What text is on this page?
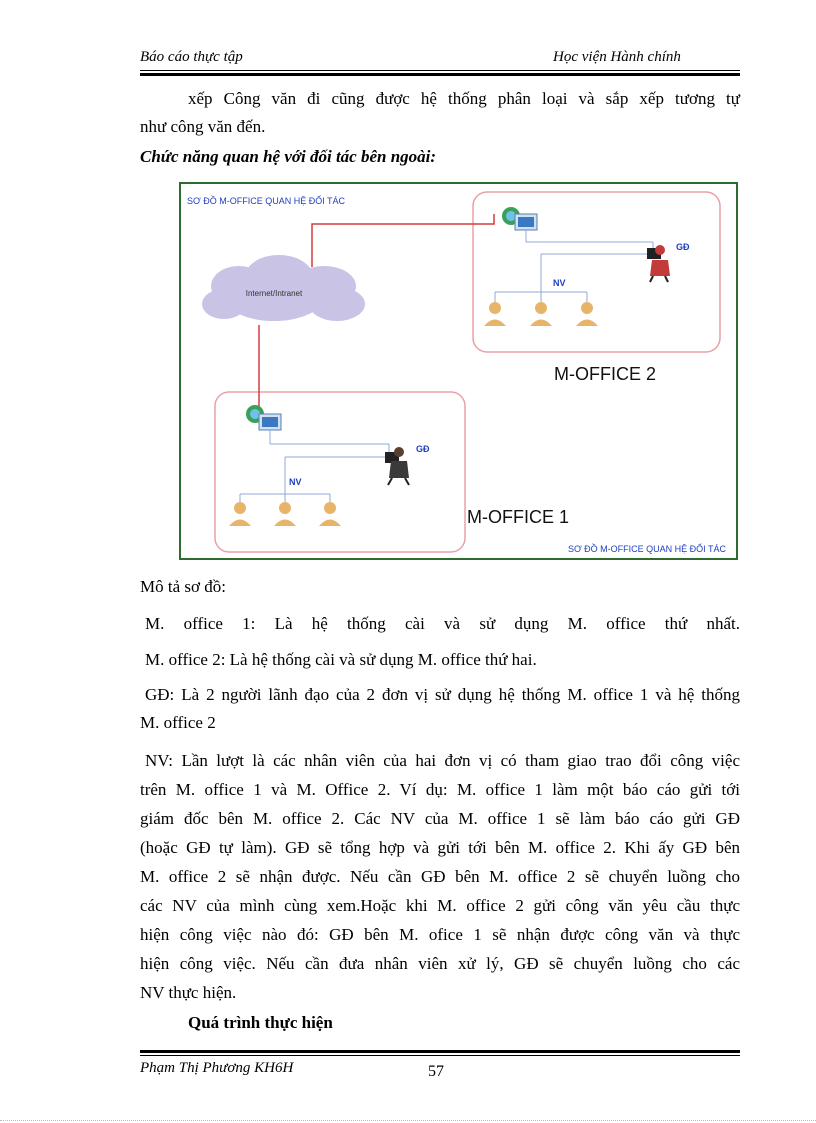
Báo cáo thực tập	Học viện Hành chính
xếp Công văn đi cũng được hệ thống phân loại và sắp xếp tương tự
như công văn đến.
Chức năng quan hệ với đối tác bên ngoài:
Internet/Intranet
GĐ
NV
M-OFFICE 2
GĐ
NV
M-OFFICE 1
SƠ ĐỒ M-OFFICE QUAN HỆ ĐỐI TÁC
SƠ ĐỒ M-OFFICE QUAN HỆ ĐỐI TÁC
Mô tả sơ đồ:
M. office 1: Là hệ thống cài và sử dụng M. office thứ nhất.
M. office 2: Là hệ thống cài và sử dụng M. office thứ hai.
GĐ: Là 2 người lãnh đạo của 2 đơn vị sử dụng hệ thống M. office 1 và hệ thống
M. office 2
NV: Lần lượt là các nhân viên của hai đơn vị có tham giao trao đổi công việc
trên M. office 1 và M. Office 2. Ví dụ: M. office 1 làm một báo cáo gửi tới
giám đốc bên M. office 2. Các NV của M. office 1 sẽ làm báo cáo gửi GĐ
(hoặc GĐ tự làm). GĐ sẽ tổng hợp và gửi tới bên M. office 2. Khi ấy GĐ bên
M. office 2 sẽ nhận được. Nếu cần GĐ bên M. office 2 sẽ chuyển luồng cho
các NV của mình cùng xem.Hoặc khi M. office 2 gửi công văn yêu cầu thực
hiện công việc nào đó: GĐ bên M. ofice 1 sẽ nhận được công văn và thực
hiện công việc. Nếu cần đưa nhân viên xử lý, GĐ sẽ chuyển luồng cho các
NV thực hiện.
Quá trình thực hiện
Phạm Thị Phương KH6H	57
